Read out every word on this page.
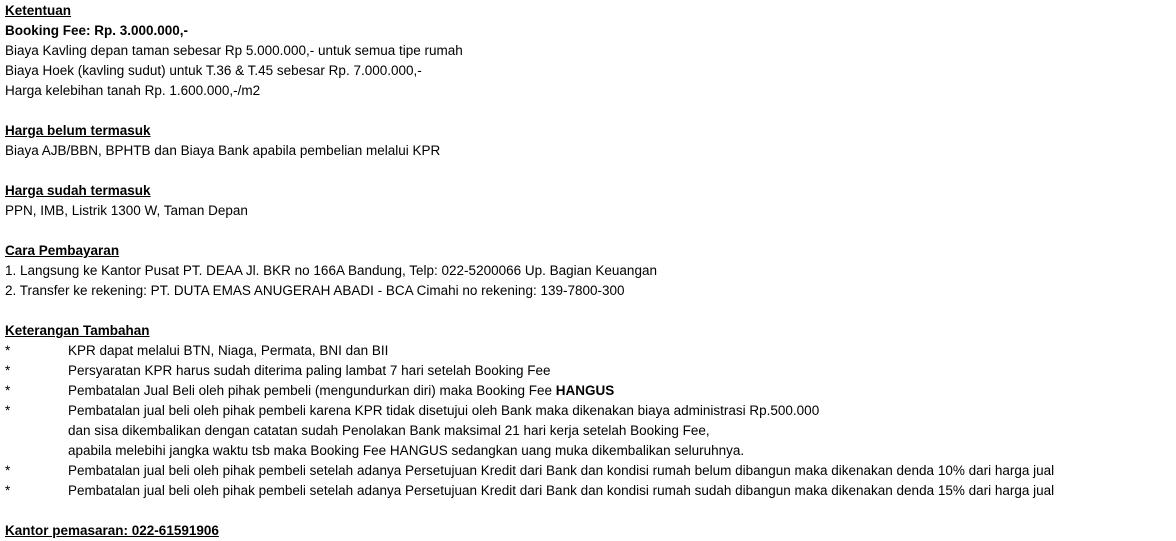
Ketentuan
Booking Fee: Rp. 3.000.000,-
Biaya Kavling depan taman sebesar Rp 5.000.000,- untuk semua tipe rumah
Biaya Hoek (kavling sudut) untuk T.36 & T.45 sebesar Rp. 7.000.000,-
Harga kelebihan tanah Rp. 1.600.000,-/m2
Harga belum termasuk
Biaya AJB/BBN, BPHTB dan Biaya Bank apabila pembelian melalui KPR
Harga sudah termasuk
PPN, IMB, Listrik 1300 W, Taman Depan
Cara Pembayaran
1. Langsung ke Kantor Pusat PT. DEAA Jl. BKR no 166A Bandung, Telp: 022-5200066 Up. Bagian Keuangan
2. Transfer ke rekening: PT. DUTA EMAS ANUGERAH ABADI - BCA Cimahi no rekening: 139-7800-300
Keterangan Tambahan
*	KPR dapat melalui BTN, Niaga, Permata, BNI dan BII
*	Persyaratan KPR harus sudah diterima paling lambat 7 hari setelah Booking Fee
*	Pembatalan Jual Beli oleh pihak pembeli (mengundurkan diri) maka Booking Fee HANGUS
*	Pembatalan jual beli oleh pihak pembeli karena KPR tidak disetujui oleh Bank maka dikenakan biaya administrasi Rp.500.000
dan sisa dikembalikan dengan catatan sudah Penolakan Bank maksimal 21 hari kerja setelah Booking Fee,
apabila melebihi jangka waktu tsb maka Booking Fee HANGUS sedangkan uang muka dikembalikan seluruhnya.
*	Pembatalan jual beli oleh pihak pembeli setelah adanya Persetujuan Kredit dari Bank dan kondisi rumah belum dibangun maka dikenakan denda 10% dari harga jual
*	Pembatalan jual beli oleh pihak pembeli setelah adanya Persetujuan Kredit dari Bank dan kondisi rumah sudah dibangun maka dikenakan denda 15% dari harga jual
Kantor pemasaran: 022-61591906
